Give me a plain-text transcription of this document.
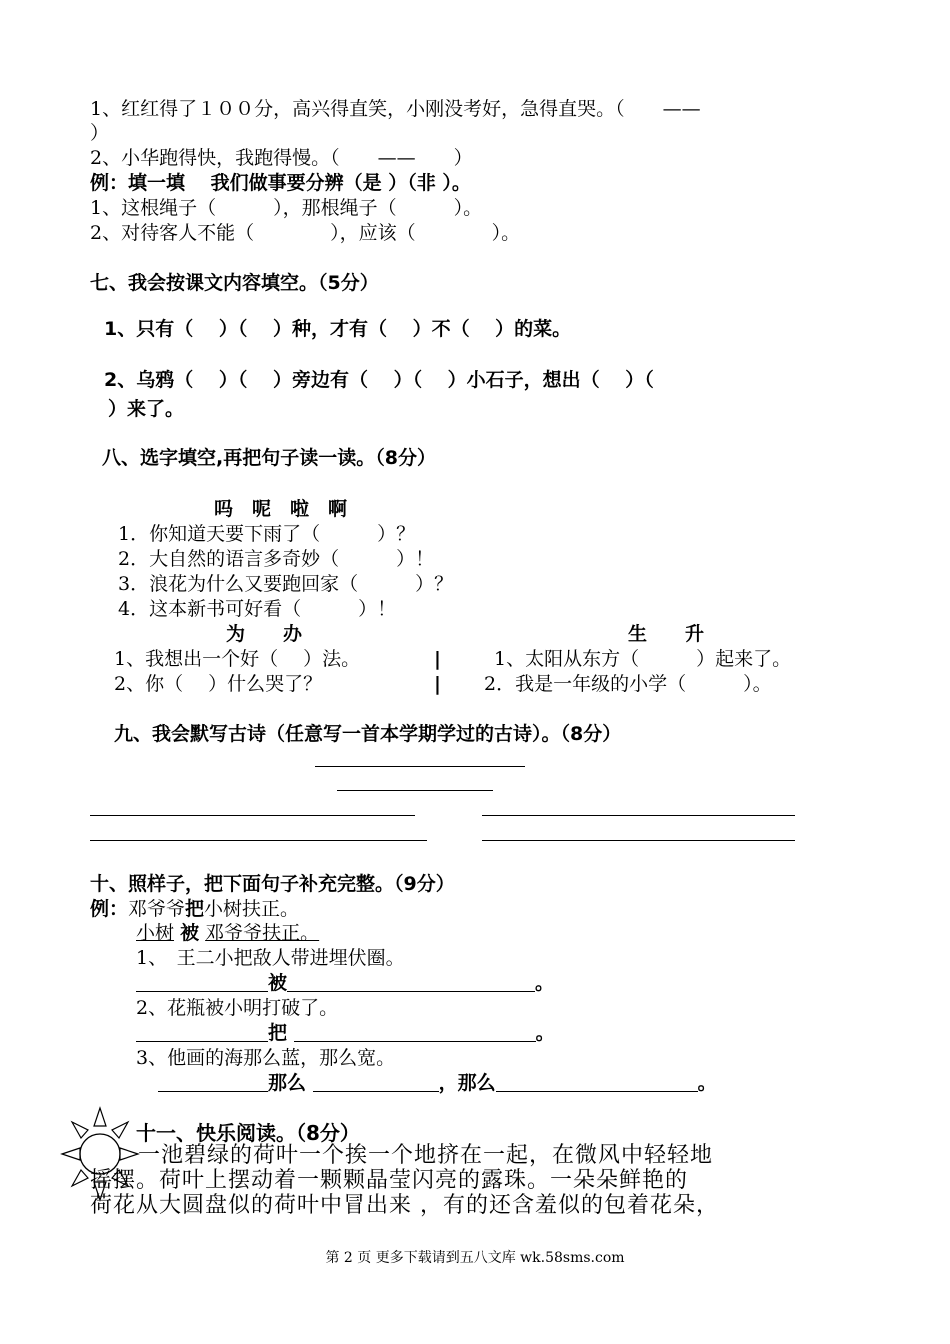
1、红红得了１００分，高兴得直笑，小刚没考好，急得直哭。（　　——
）
2、小华跑得快，我跑得慢。（　　——　　）
例：填一填　 我们做事要分辨（是 ）（非 ）。
1、这根绳子（　　　），那根绳子（　　　）。
2、对待客人不能（　　　　），应该（　　　　）。
七、我会按课文内容填空。（5分）
1、只有（　 ）（　 ）种，才有（　 ）不（　 ）的菜。
2、乌鸦（　 ）（　 ）旁边有（　 ）（　 ）小石子，想出（　 ）（
）来了。
八、选字填空,再把句子读一读。（8分）
吗　呢　啦　啊
1．你知道天要下雨了（　　　）？
2．大自然的语言多奇妙（　　　）！
3．浪花为什么又要跑回家（　　　）？
4．这本新书可好看（　　　）！
为　　办	生　　升
1、我想出一个好（　 ）法。	|	1、太阳从东方（　　　）起来了。
2、你（　 ）什么哭了？	| 2．我是一年级的小学（　　　）。
九、我会默写古诗（任意写一首本学期学过的古诗）。（8分）
十、照样子，把下面句子补充完整。（9分）
例：邓爷爷把小树扶正。
小树 被 邓爷爷扶正。
1、　王二小把敌人带进埋伏圈。
被	。
2、花瓶被小明打破了。
把	。
3、他画的海那么蓝，那么宽。
那么	，那么	。
十一、快乐阅读。（8分）
一池碧绿的荷叶一个挨一个地挤在一起，在微风中轻轻地
摇摆。荷叶上摆动着一颗颗晶莹闪亮的露珠。一朵朵鲜艳的
荷花从大圆盘似的荷叶中冒出来 ，有的还含羞似的包着花朵，
第 2 页 更多下载请到五八文库 wk.58sms.com
